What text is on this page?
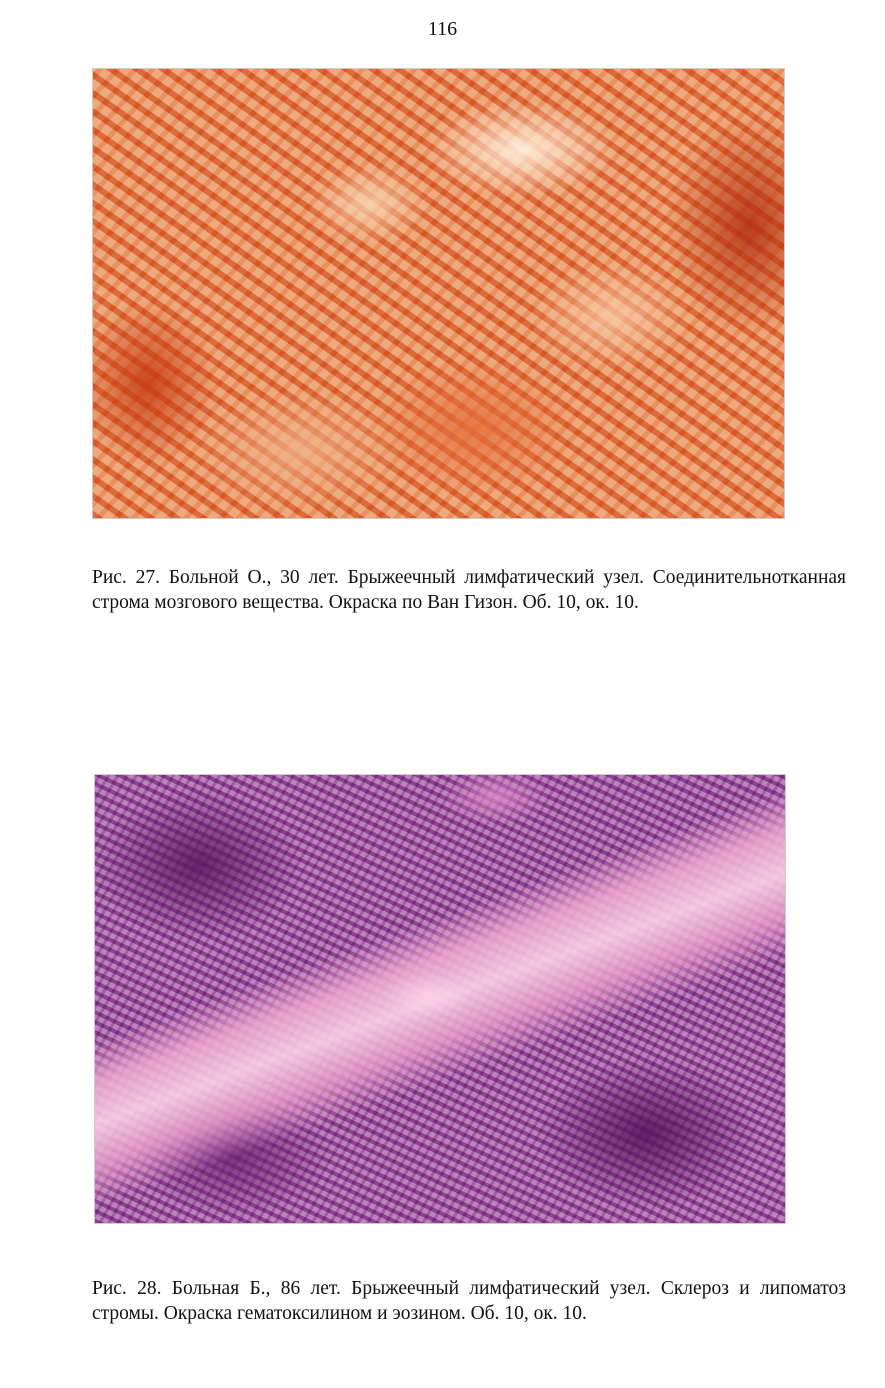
116
Рис. 27. Больной О., 30 лет. Брыжеечный лимфатический узел. Соединительнотканная строма мозгового вещества. Окраска по Ван Гизон. Об. 10, ок. 10.
Рис. 28. Больная Б., 86 лет. Брыжеечный лимфатический узел. Склероз и липоматоз стромы. Окраска гематоксилином и эозином. Об. 10, ок. 10.
